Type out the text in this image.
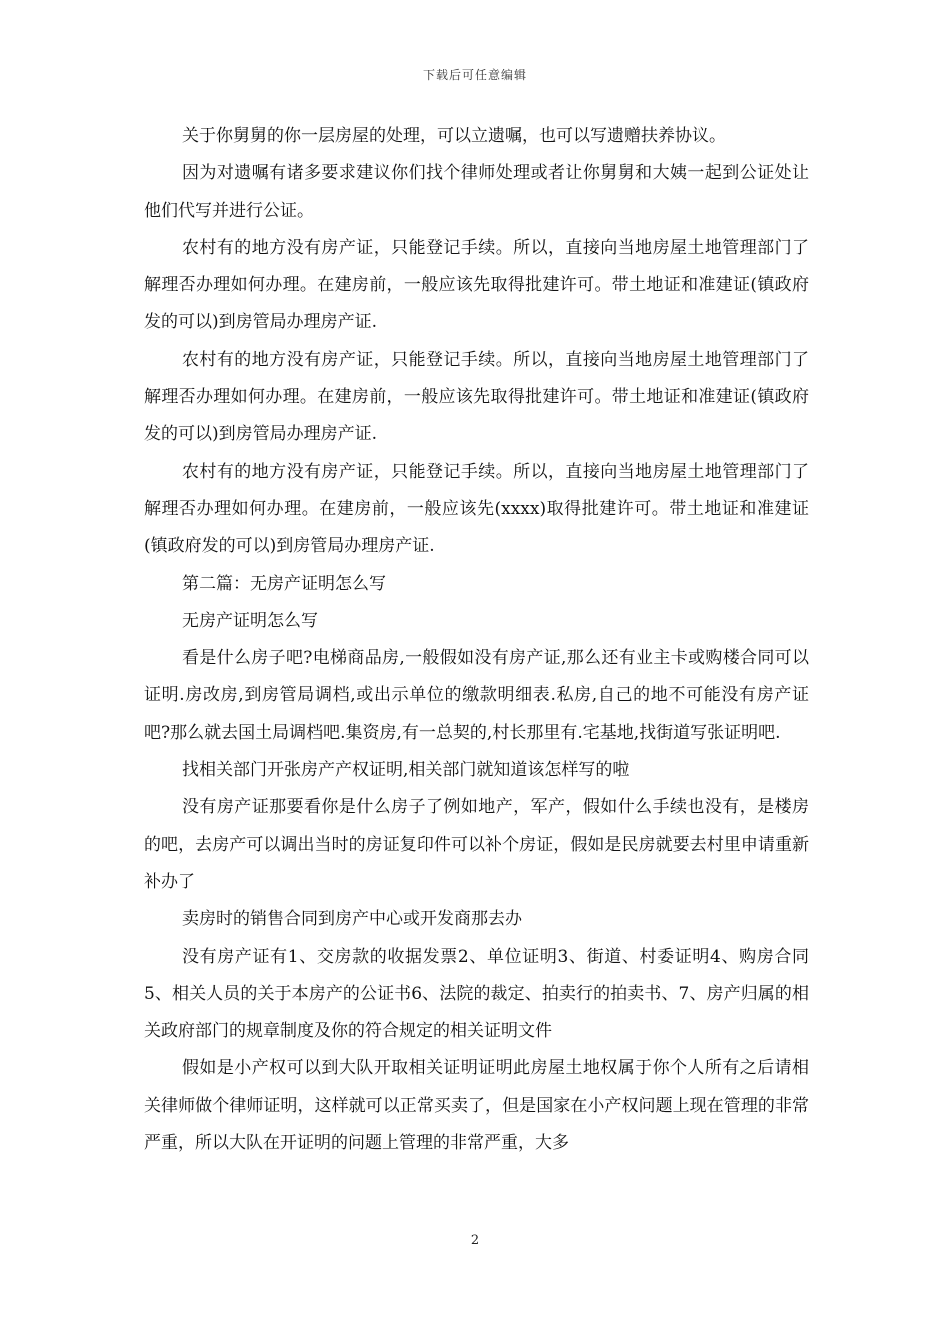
下载后可任意编辑

关于你舅舅的你一层房屋的处理，可以立遗嘱，也可以写遗赠扶养协议。

因为对遗嘱有诸多要求建议你们找个律师处理或者让你舅舅和大姨一起到公证处让他们代写并进行公证。

农村有的地方没有房产证，只能登记手续。所以，直接向当地房屋土地管理部门了解理否办理如何办理。在建房前，一般应该先取得批建许可。带土地证和准建证(镇政府发的可以)到房管局办理房产证.

农村有的地方没有房产证，只能登记手续。所以，直接向当地房屋土地管理部门了解理否办理如何办理。在建房前，一般应该先取得批建许可。带土地证和准建证(镇政府发的可以)到房管局办理房产证.

农村有的地方没有房产证，只能登记手续。所以，直接向当地房屋土地管理部门了解理否办理如何办理。在建房前，一般应该先(xxxx)取得批建许可。带土地证和准建证(镇政府发的可以)到房管局办理房产证.

第二篇：无房产证明怎么写

无房产证明怎么写

看是什么房子吧?电梯商品房,一般假如没有房产证,那么还有业主卡或购楼合同可以证明.房改房,到房管局调档,或出示单位的缴款明细表.私房,自己的地不可能没有房产证吧?那么就去国土局调档吧.集资房,有一总契的,村长那里有.宅基地,找街道写张证明吧.

找相关部门开张房产产权证明,相关部门就知道该怎样写的啦

没有房产证那要看你是什么房子了例如地产，军产，假如什么手续也没有，是楼房的吧，去房产可以调出当时的房证复印件可以补个房证，假如是民房就要去村里申请重新补办了

卖房时的销售合同到房产中心或开发商那去办

没有房产证有1、交房款的收据发票2、单位证明3、街道、村委证明4、购房合同5、相关人员的关于本房产的公证书6、法院的裁定、拍卖行的拍卖书、7、房产归属的相关政府部门的规章制度及你的符合规定的相关证明文件

假如是小产权可以到大队开取相关证明证明此房屋土地权属于你个人所有之后请相关律师做个律师证明，这样就可以正常买卖了，但是国家在小产权问题上现在管理的非常严重，所以大队在开证明的问题上管理的非常严重，大多

2
